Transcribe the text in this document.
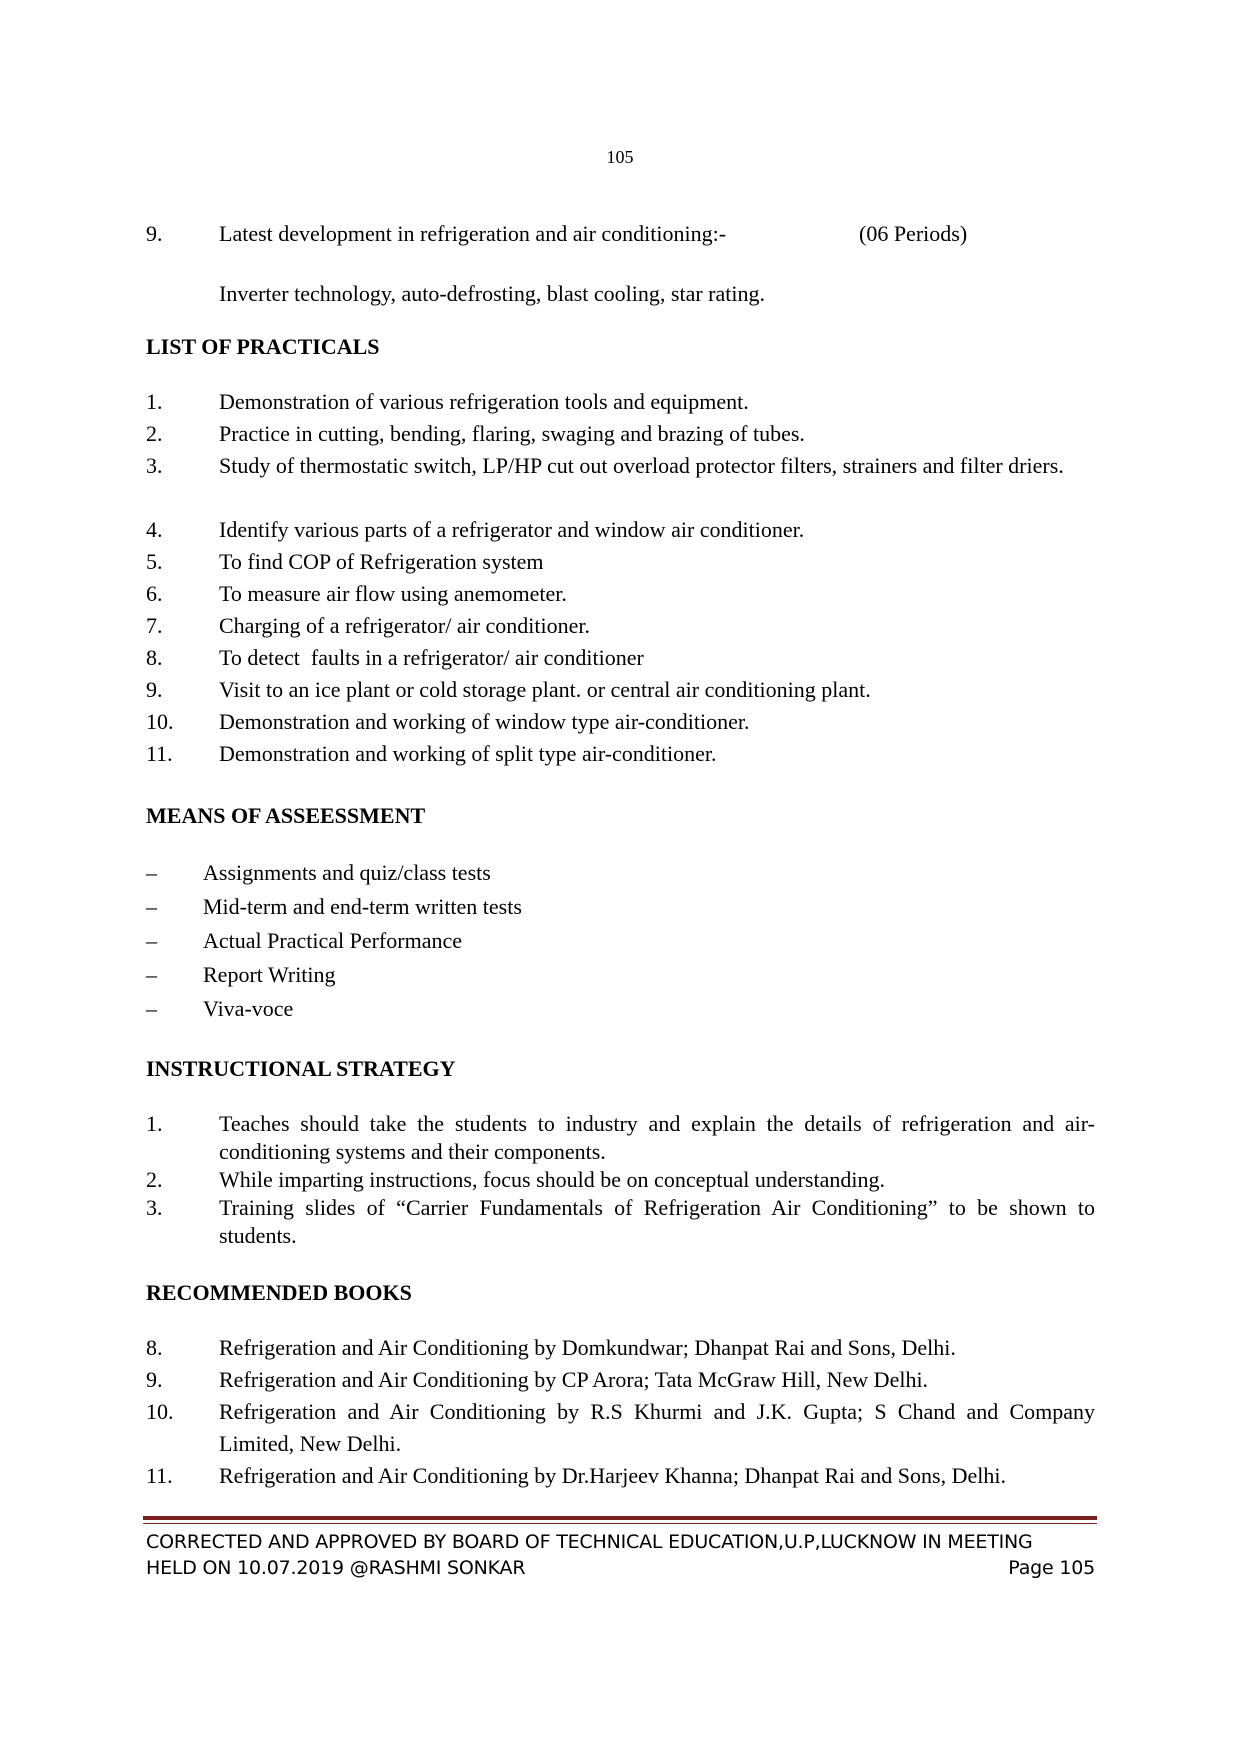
105
9.	Latest development in refrigeration and air conditioning:-	(06 Periods)
Inverter technology, auto-defrosting, blast cooling, star rating.
LIST OF PRACTICALS
1.	Demonstration of various refrigeration tools and equipment.
2.	Practice in cutting, bending, flaring, swaging and brazing of tubes.
3.	Study of thermostatic switch, LP/HP cut out overload protector filters, strainers and filter driers.
4.	Identify various parts of a refrigerator and window air conditioner.
5.	To find COP of Refrigeration system
6.	To measure air flow using anemometer.
7.	Charging of a refrigerator/ air conditioner.
8.	To detect  faults in a refrigerator/ air conditioner
9.	Visit to an ice plant or cold storage plant. or central air conditioning plant.
10. Demonstration and working of window type air-conditioner.
11. Demonstration and working of split type air-conditioner.
MEANS OF ASSEESSMENT
– Assignments and quiz/class tests
– Mid-term and end-term written tests
– Actual Practical Performance
– Report Writing
– Viva-voce
INSTRUCTIONAL STRATEGY
1.	Teaches should take the students to industry and explain the details of refrigeration and air-conditioning systems and their components.
2.	While imparting instructions, focus should be on conceptual understanding.
3.	Training slides of “Carrier Fundamentals of Refrigeration Air Conditioning” to be shown to students.
RECOMMENDED BOOKS
8.	Refrigeration and Air Conditioning by Domkundwar; Dhanpat Rai and Sons, Delhi.
9.	Refrigeration and Air Conditioning by CP Arora; Tata McGraw Hill, New Delhi.
10. Refrigeration and Air Conditioning by R.S Khurmi and J.K. Gupta; S Chand and Company Limited, New Delhi.
11. Refrigeration and Air Conditioning by Dr.Harjeev Khanna; Dhanpat Rai and Sons, Delhi.
CORRECTED AND APPROVED BY BOARD OF TECHNICAL EDUCATION,U.P,LUCKNOW IN MEETING
HELD ON 10.07.2019 @RASHMI SONKAR	Page 105
